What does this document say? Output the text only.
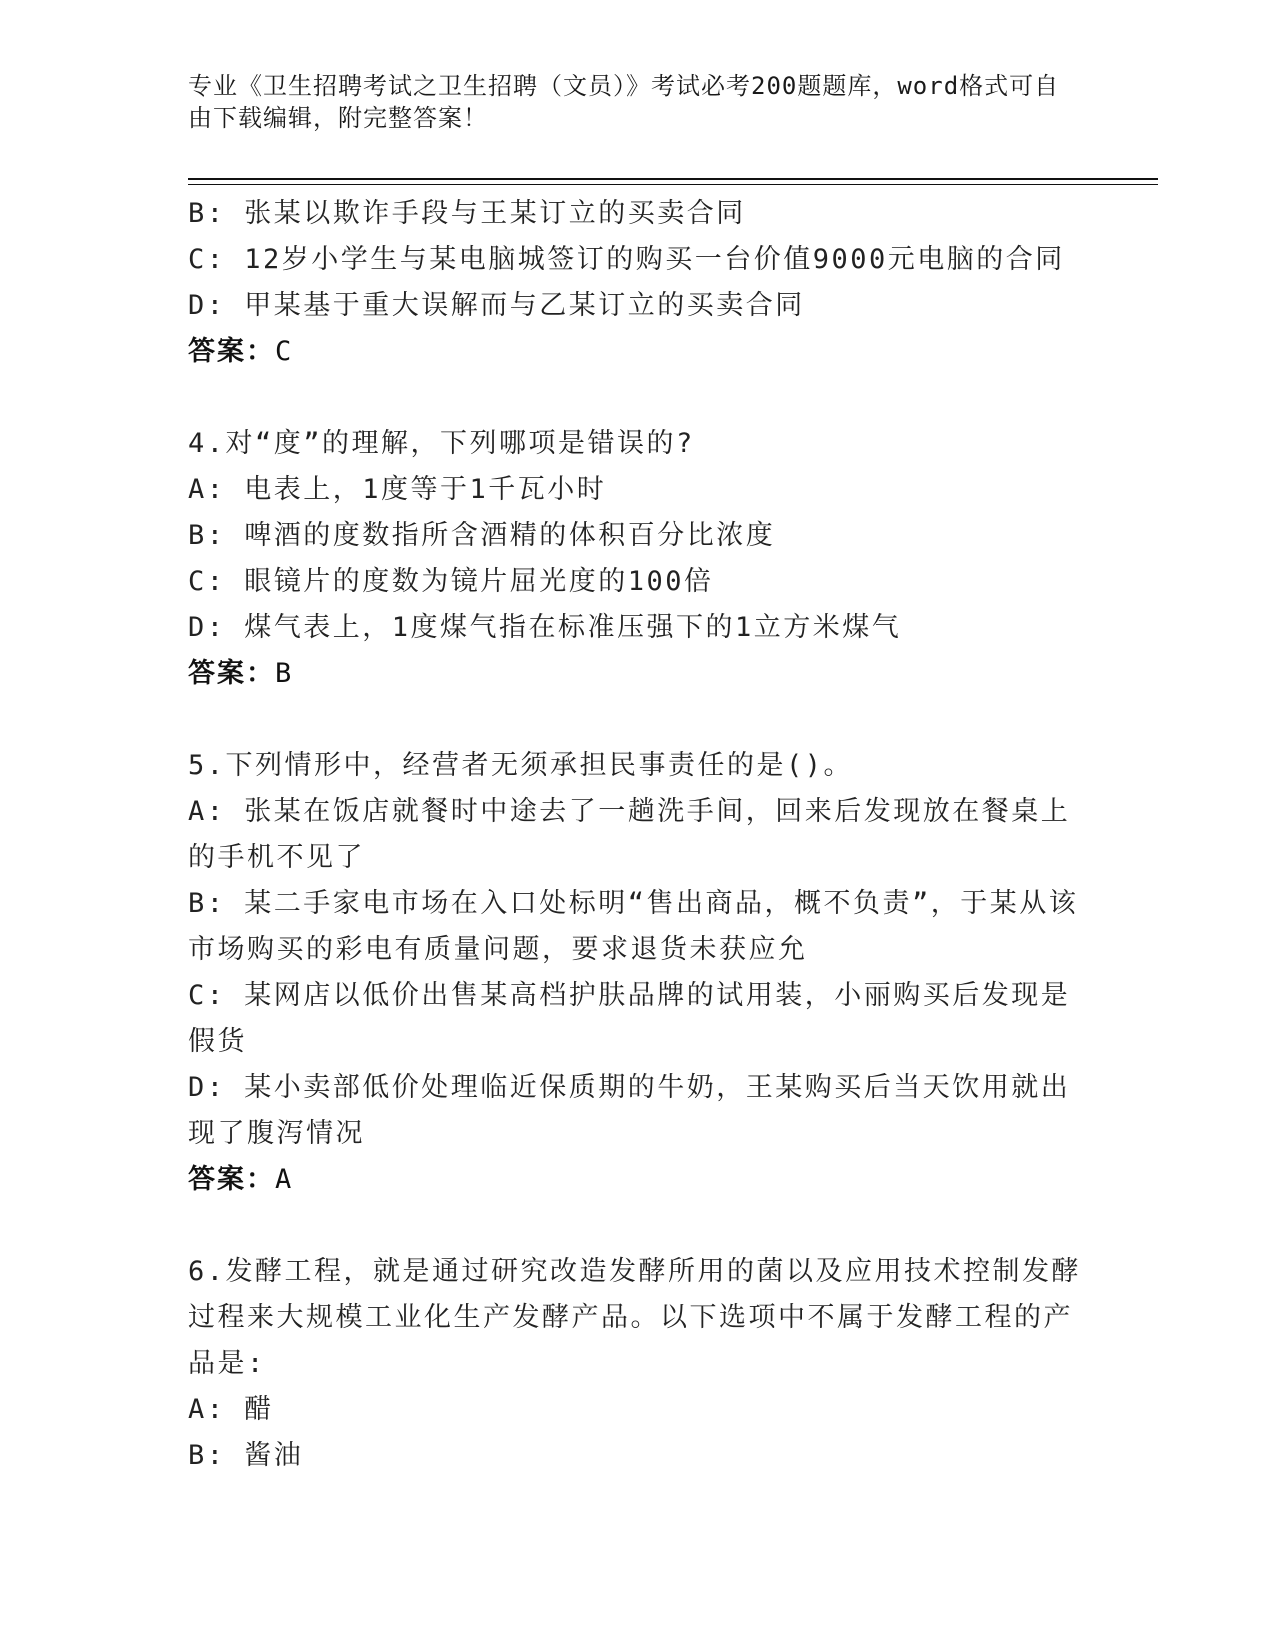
专业《卫生招聘考试之卫生招聘（文员）》考试必考200题题库，word格式可自由下载编辑，附完整答案！

B: 张某以欺诈手段与王某订立的买卖合同

C: 12岁小学生与某电脑城签订的购买一台价值9000元电脑的合同

D: 甲某基于重大误解而与乙某订立的买卖合同

答案：C

4.对“度”的理解，下列哪项是错误的?

A: 电表上，1度等于1千瓦小时

B: 啤酒的度数指所含酒精的体积百分比浓度

C: 眼镜片的度数为镜片屈光度的100倍

D: 煤气表上，1度煤气指在标准压强下的1立方米煤气

答案：B

5.下列情形中，经营者无须承担民事责任的是()。

A: 张某在饭店就餐时中途去了一趟洗手间，回来后发现放在餐桌上的手机不见了

B: 某二手家电市场在入口处标明“售出商品，概不负责”，于某从该市场购买的彩电有质量问题，要求退货未获应允

C: 某网店以低价出售某高档护肤品牌的试用装，小丽购买后发现是假货

D: 某小卖部低价处理临近保质期的牛奶，王某购买后当天饮用就出现了腹泻情况

答案：A

6.发酵工程，就是通过研究改造发酵所用的菌以及应用技术控制发酵过程来大规模工业化生产发酵产品。以下选项中不属于发酵工程的产品是:

A: 醋

B: 酱油
